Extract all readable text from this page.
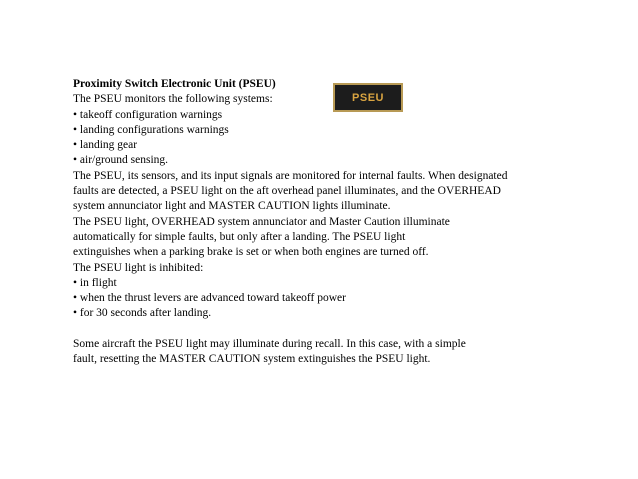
Proximity Switch Electronic Unit (PSEU)
The PSEU monitors the following systems:
• takeoff configuration warnings
• landing configurations warnings
• landing gear
• air/ground sensing.
The PSEU, its sensors, and its input signals are monitored for internal faults. When designated
faults are detected, a PSEU light on the aft overhead panel illuminates, and the OVERHEAD
system annunciator light and MASTER CAUTION lights illuminate.
The PSEU light, OVERHEAD system annunciator and Master Caution illuminate
automatically for simple faults, but only after a landing. The PSEU light
extinguishes when a parking brake is set or when both engines are turned off.
The PSEU light is inhibited:
• in flight
• when the thrust levers are advanced toward takeoff power
• for 30 seconds after landing.
Some aircraft the PSEU light may illuminate during recall. In this case, with a simple
fault, resetting the MASTER CAUTION system extinguishes the PSEU light.
PSEU
